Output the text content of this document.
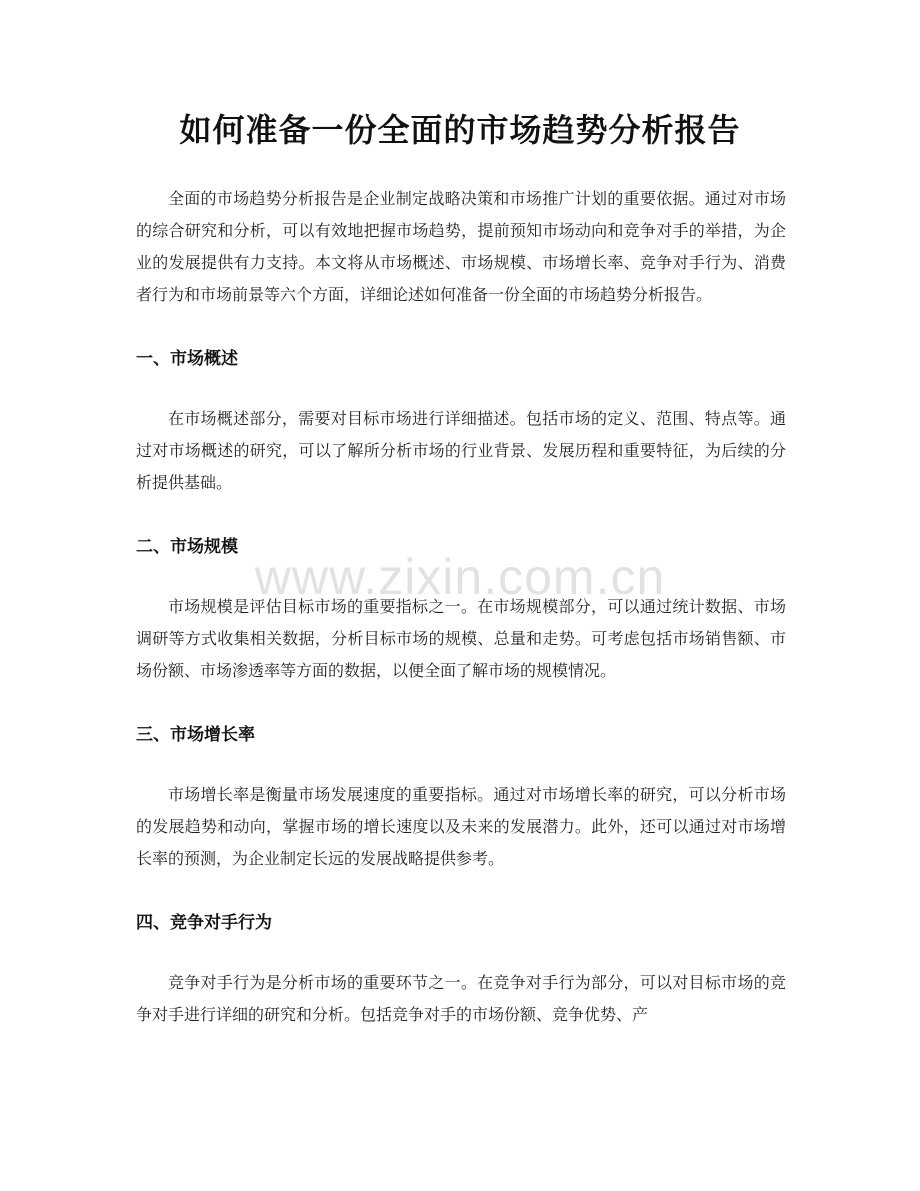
如何准备一份全面的市场趋势分析报告

全面的市场趋势分析报告是企业制定战略决策和市场推广计划的重要依据。通过对市场的综合研究和分析，可以有效地把握市场趋势，提前预知市场动向和竞争对手的举措，为企业的发展提供有力支持。本文将从市场概述、市场规模、市场增长率、竞争对手行为、消费者行为和市场前景等六个方面，详细论述如何准备一份全面的市场趋势分析报告。

一、市场概述

在市场概述部分，需要对目标市场进行详细描述。包括市场的定义、范围、特点等。通过对市场概述的研究，可以了解所分析市场的行业背景、发展历程和重要特征，为后续的分析提供基础。

二、市场规模

市场规模是评估目标市场的重要指标之一。在市场规模部分，可以通过统计数据、市场调研等方式收集相关数据，分析目标市场的规模、总量和走势。可考虑包括市场销售额、市场份额、市场渗透率等方面的数据，以便全面了解市场的规模情况。

三、市场增长率

市场增长率是衡量市场发展速度的重要指标。通过对市场增长率的研究，可以分析市场的发展趋势和动向，掌握市场的增长速度以及未来的发展潜力。此外，还可以通过对市场增长率的预测，为企业制定长远的发展战略提供参考。

四、竞争对手行为

竞争对手行为是分析市场的重要环节之一。在竞争对手行为部分，可以对目标市场的竞争对手进行详细的研究和分析。包括竞争对手的市场份额、竞争优势、产

www.zixin.com.cn
